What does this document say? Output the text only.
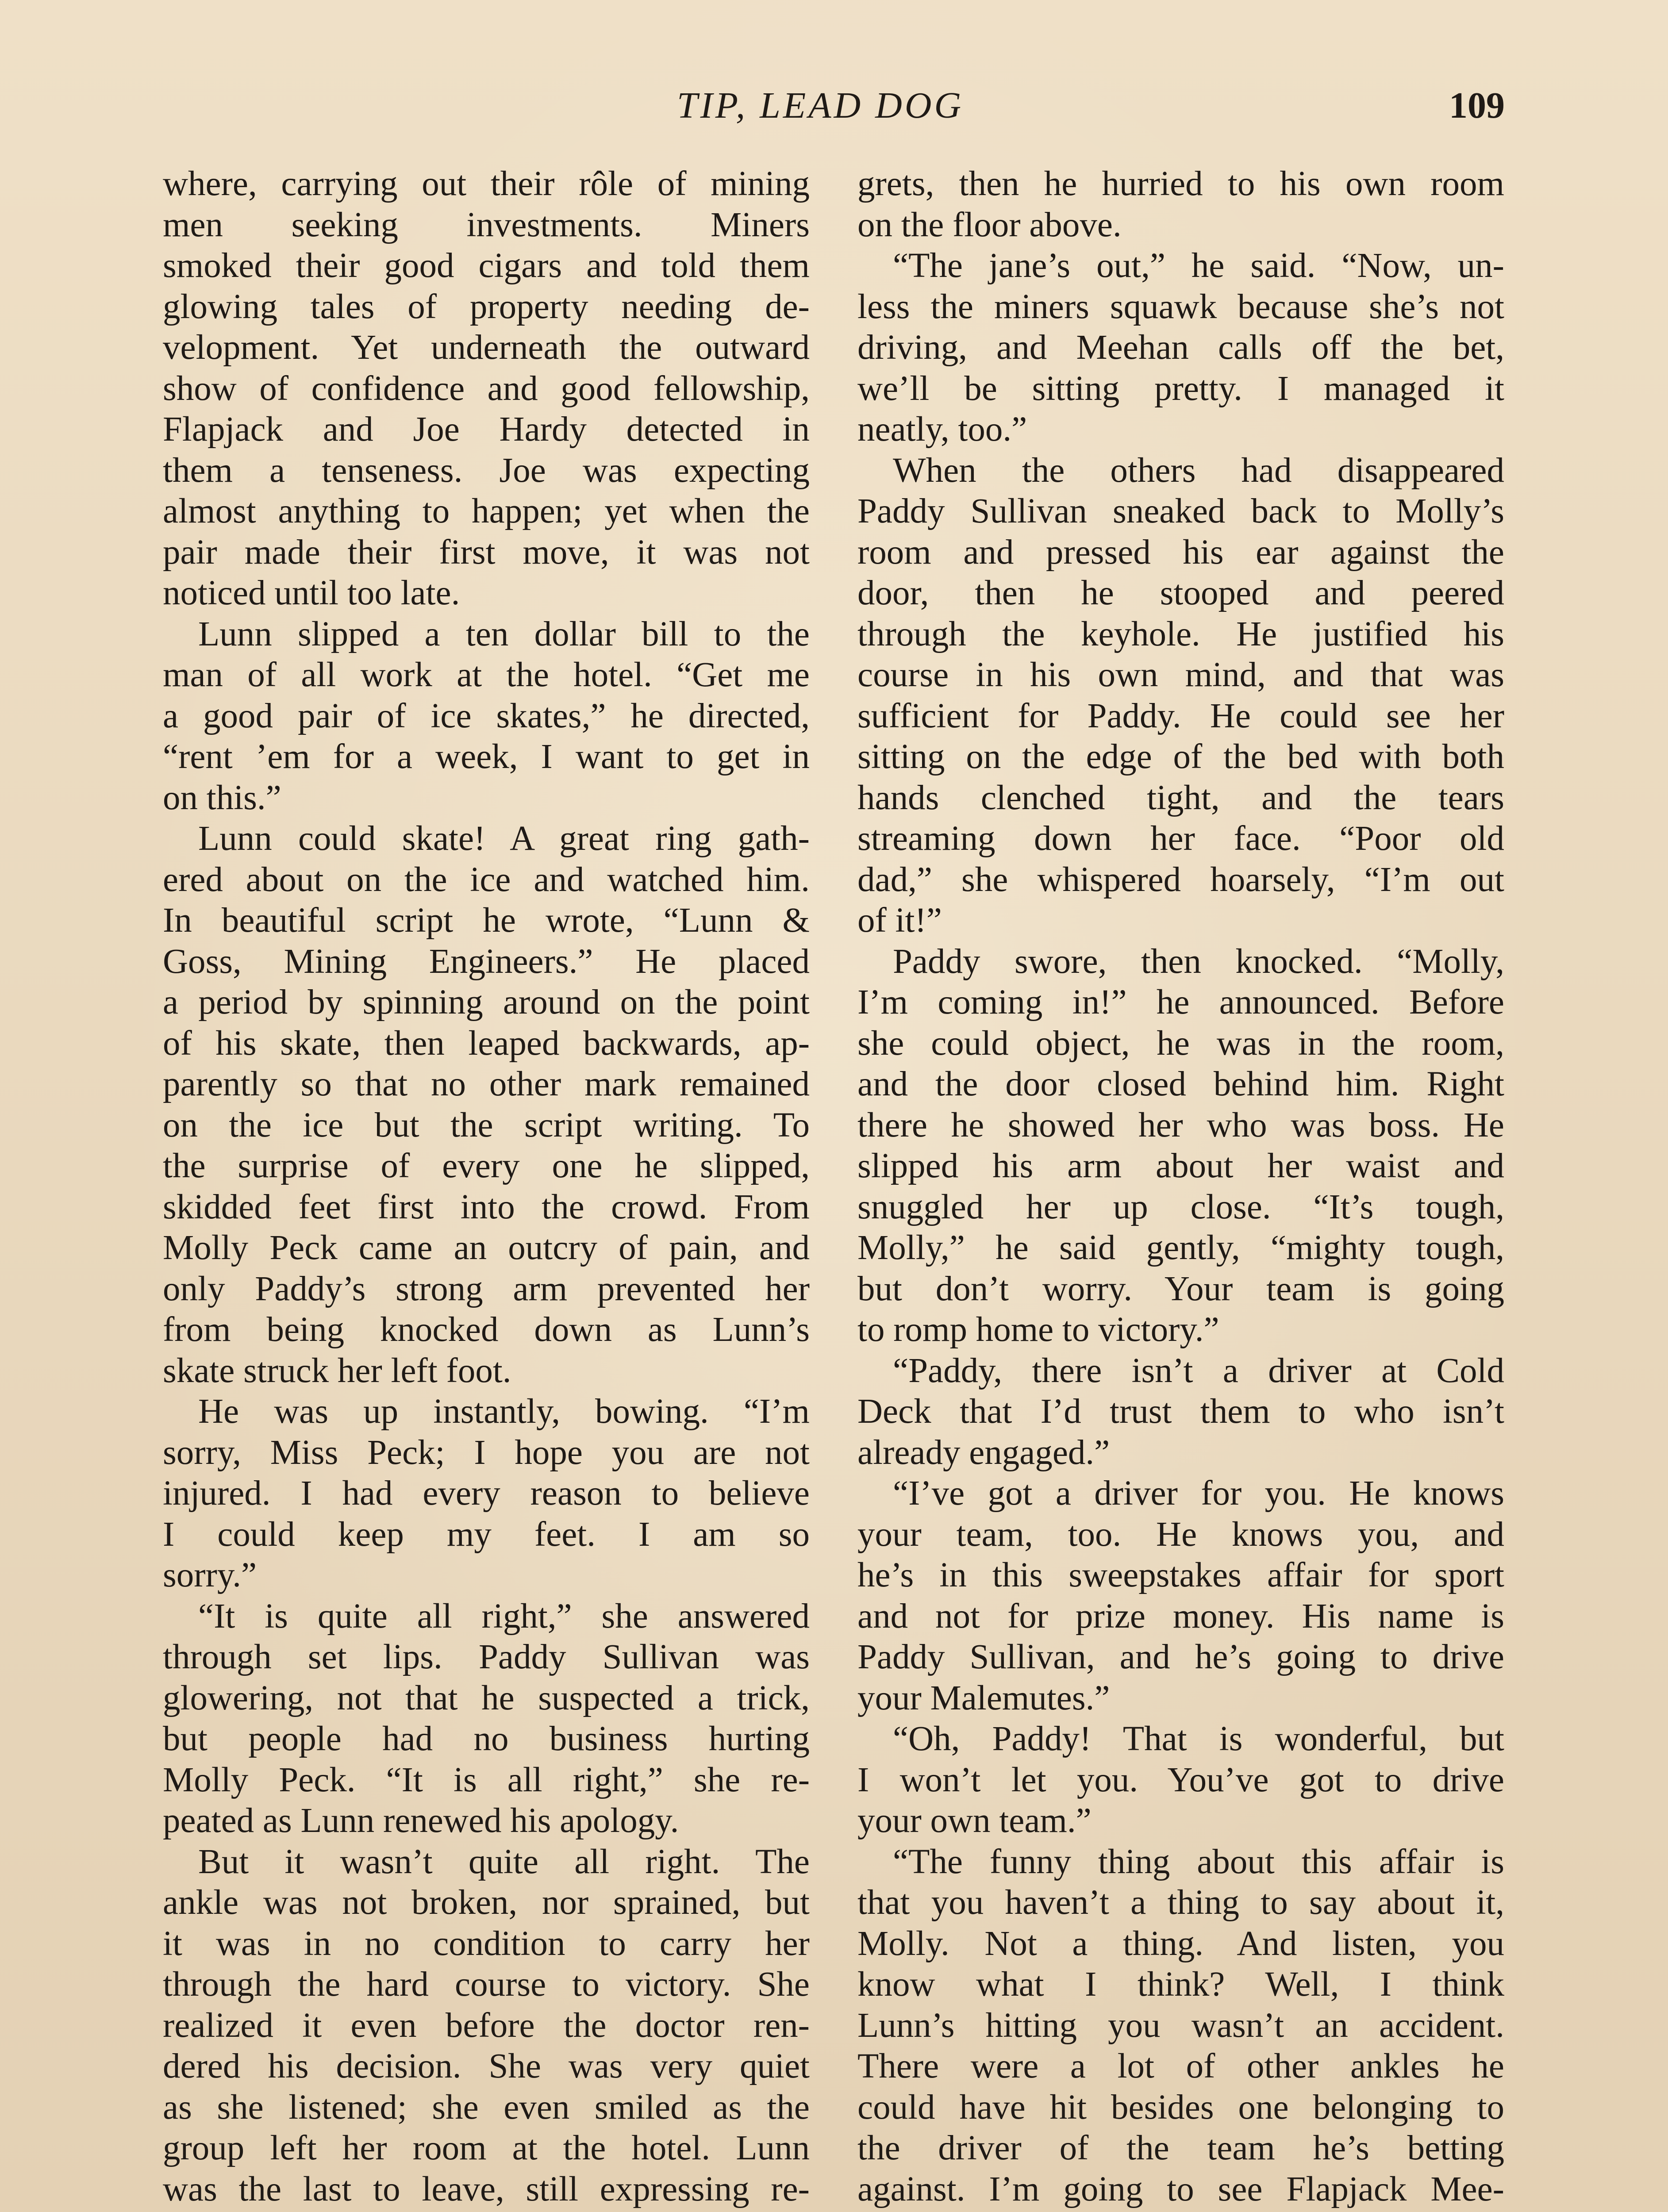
TIP, LEAD DOG	109
where, carrying out their rôle of mining
men seeking investments. Miners
smoked their good cigars and told them
glowing tales of property needing de-
velopment. Yet underneath the outward
show of confidence and good fellowship,
Flapjack and Joe Hardy detected in
them a tenseness. Joe was expecting
almost anything to happen; yet when the
pair made their first move, it was not
noticed until too late.
Lunn slipped a ten dollar bill to the
man of all work at the hotel. “Get me
a good pair of ice skates,” he directed,
“rent ’em for a week, I want to get in
on this.”
Lunn could skate! A great ring gath-
ered about on the ice and watched him.
In beautiful script he wrote, “Lunn &
Goss, Mining Engineers.” He placed
a period by spinning around on the point
of his skate, then leaped backwards, ap-
parently so that no other mark remained
on the ice but the script writing. To
the surprise of every one he slipped,
skidded feet first into the crowd. From
Molly Peck came an outcry of pain, and
only Paddy’s strong arm prevented her
from being knocked down as Lunn’s
skate struck her left foot.
He was up instantly, bowing. “I’m
sorry, Miss Peck; I hope you are not
injured. I had every reason to believe
I could keep my feet. I am so
sorry.”
“It is quite all right,” she answered
through set lips. Paddy Sullivan was
glowering, not that he suspected a trick,
but people had no business hurting
Molly Peck. “It is all right,” she re-
peated as Lunn renewed his apology.
But it wasn’t quite all right. The
ankle was not broken, nor sprained, but
it was in no condition to carry her
through the hard course to victory. She
realized it even before the doctor ren-
dered his decision. She was very quiet
as she listened; she even smiled as the
group left her room at the hotel. Lunn
was the last to leave, still expressing re-
grets, then he hurried to his own room
on the floor above.
“The jane’s out,” he said. “Now, un-
less the miners squawk because she’s not
driving, and Meehan calls off the bet,
we’ll be sitting pretty. I managed it
neatly, too.”
When the others had disappeared
Paddy Sullivan sneaked back to Molly’s
room and pressed his ear against the
door, then he stooped and peered
through the keyhole. He justified his
course in his own mind, and that was
sufficient for Paddy. He could see her
sitting on the edge of the bed with both
hands clenched tight, and the tears
streaming down her face. “Poor old
dad,” she whispered hoarsely, “I’m out
of it!”
Paddy swore, then knocked. “Molly,
I’m coming in!” he announced. Before
she could object, he was in the room,
and the door closed behind him. Right
there he showed her who was boss. He
slipped his arm about her waist and
snuggled her up close. “It’s tough,
Molly,” he said gently, “mighty tough,
but don’t worry. Your team is going
to romp home to victory.”
“Paddy, there isn’t a driver at Cold
Deck that I’d trust them to who isn’t
already engaged.”
“I’ve got a driver for you. He knows
your team, too. He knows you, and
he’s in this sweepstakes affair for sport
and not for prize money. His name is
Paddy Sullivan, and he’s going to drive
your Malemutes.”
“Oh, Paddy! That is wonderful, but
I won’t let you. You’ve got to drive
your own team.”
“The funny thing about this affair is
that you haven’t a thing to say about it,
Molly. Not a thing. And listen, you
know what I think? Well, I think
Lunn’s hitting you wasn’t an accident.
There were a lot of other ankles he
could have hit besides one belonging to
the driver of the team he’s betting
against. I’m going to see Flapjack Mee-
